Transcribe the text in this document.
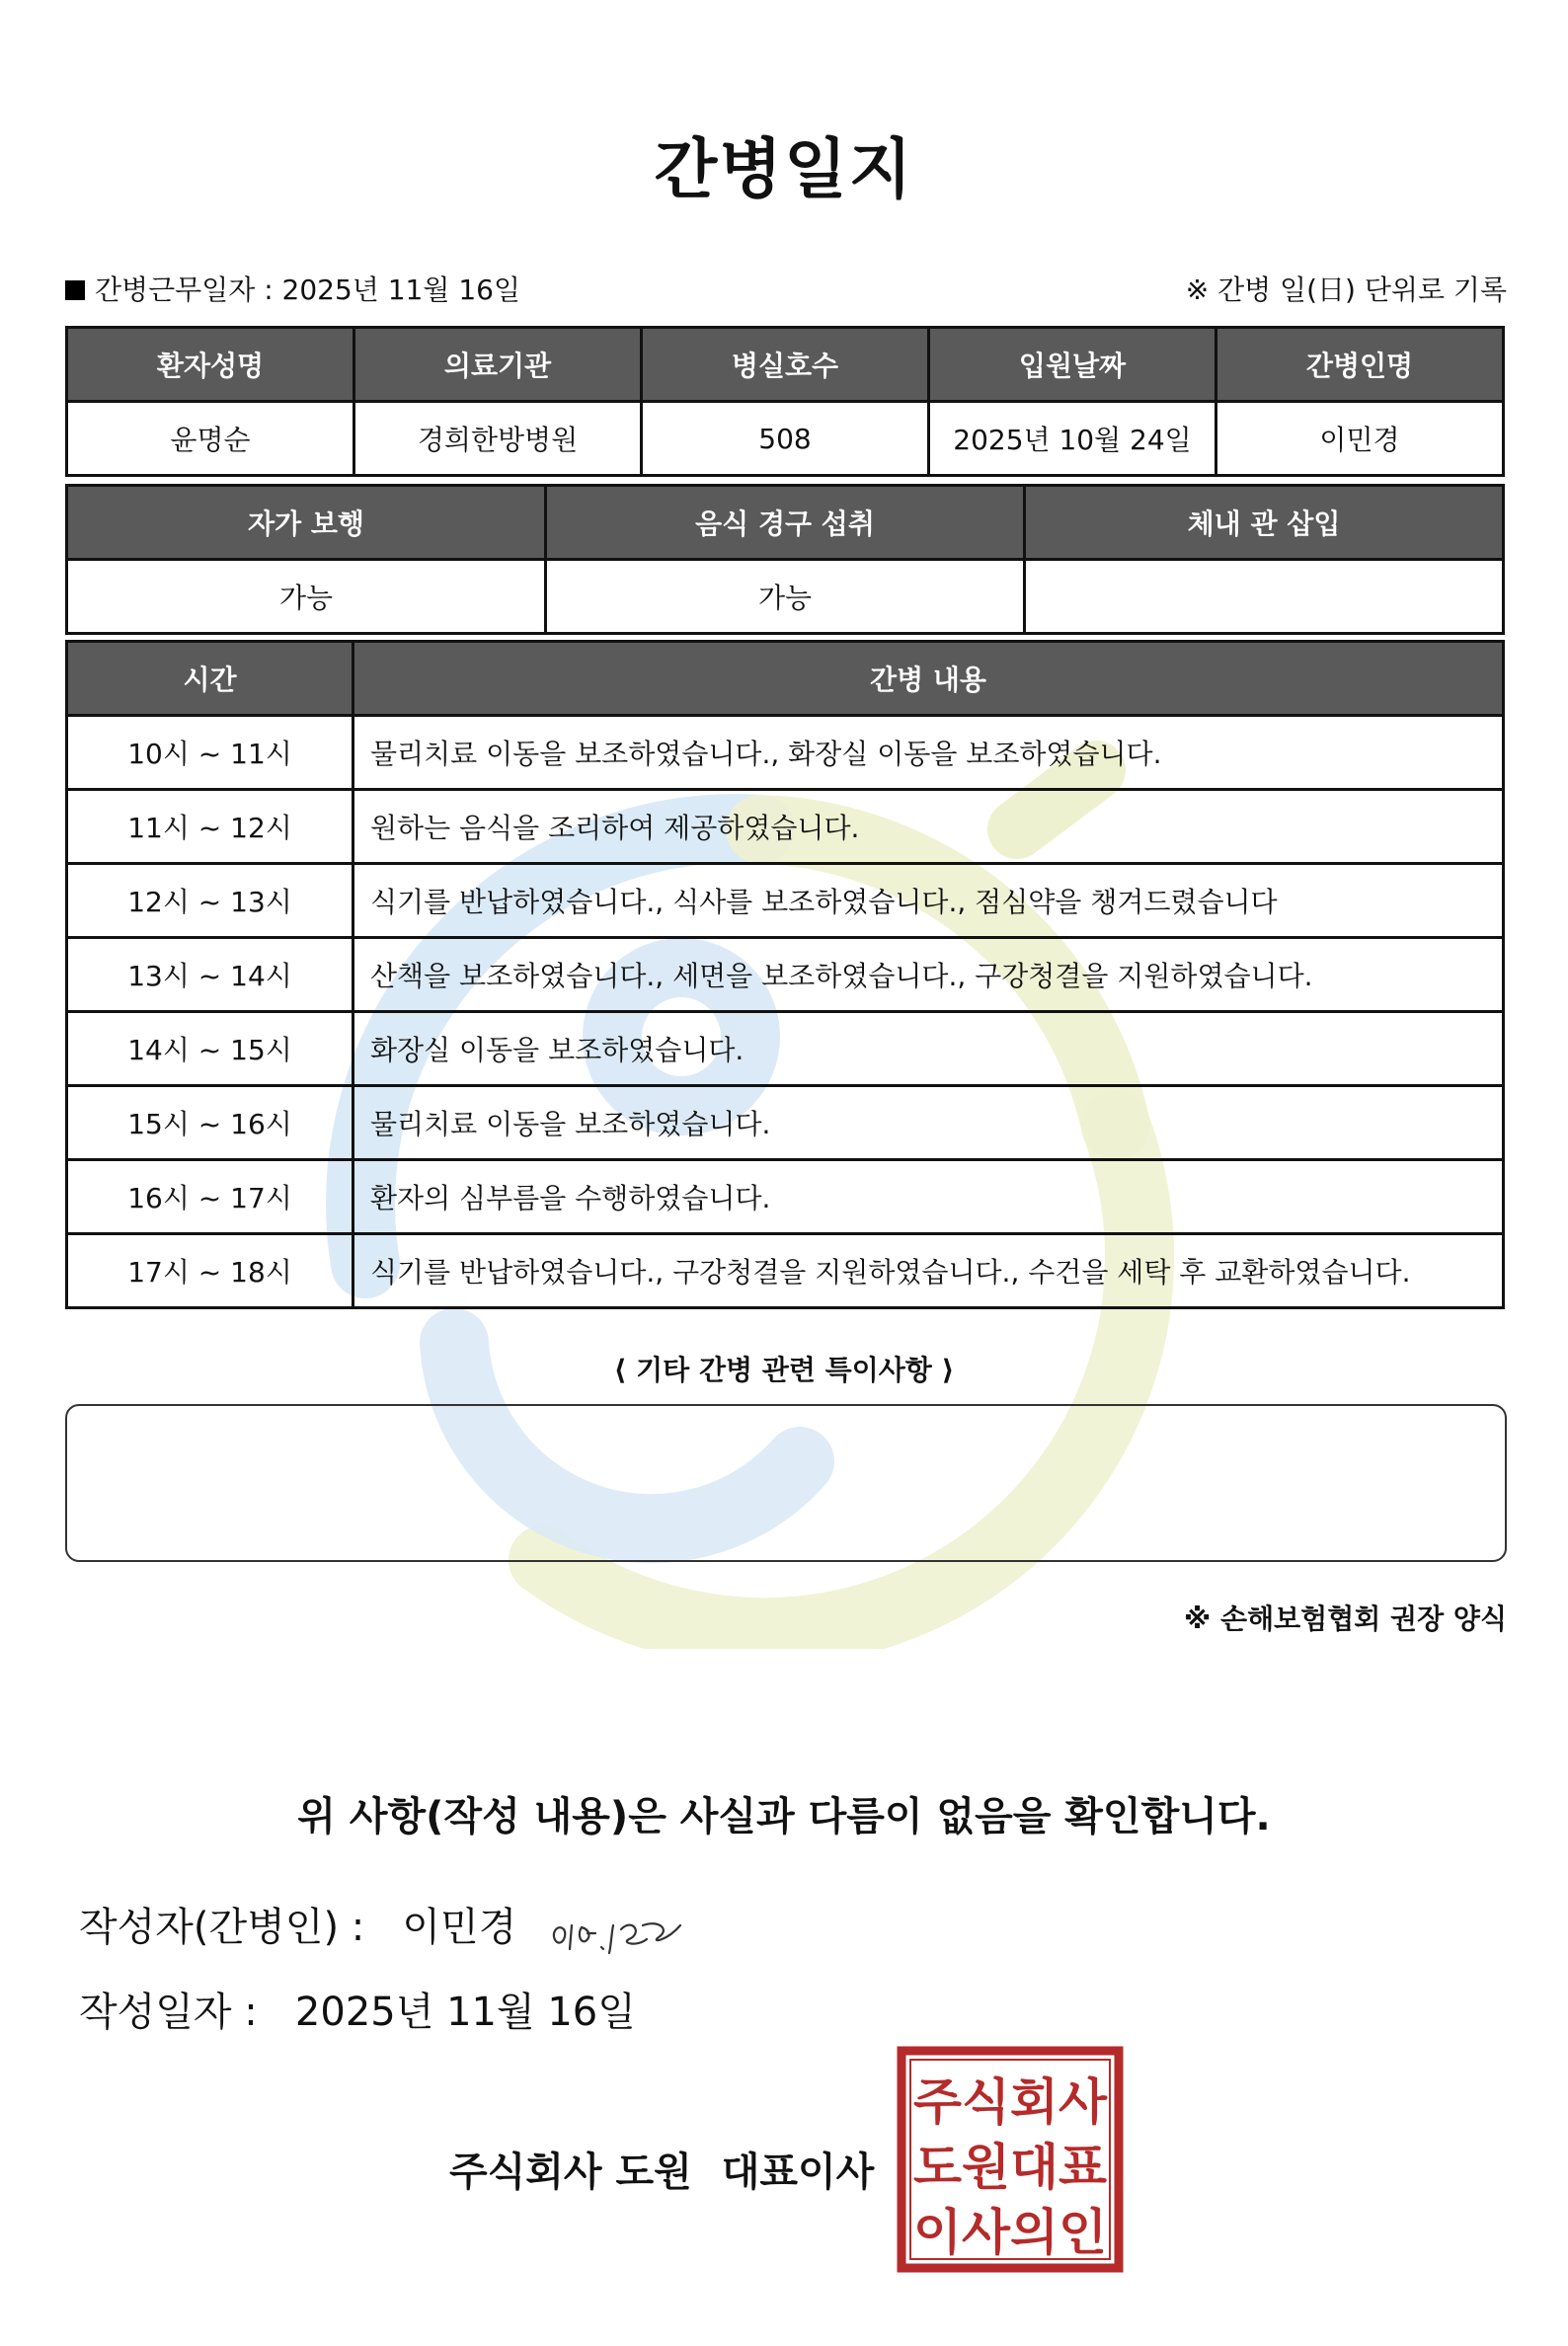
간병일지
간병근무일자 : 2025년 11월 16일	※ 간병 일(日) 단위로 기록
환자성명	의료기관	병실호수	입원날짜	간병인명
윤명순	경희한방병원	508	2025년 10월 24일	이민경
자가 보행	음식 경구 섭취	체내 관 삽입
가능	가능	
시간	간병 내용
10시 ~ 11시	물리치료 이동을 보조하였습니다., 화장실 이동을 보조하였습니다.
11시 ~ 12시	원하는 음식을 조리하여 제공하였습니다.
12시 ~ 13시	식기를 반납하였습니다., 식사를 보조하였습니다., 점심약을 챙겨드렸습니다
13시 ~ 14시	산책을 보조하였습니다., 세면을 보조하였습니다., 구강청결을 지원하였습니다.
14시 ~ 15시	화장실 이동을 보조하였습니다.
15시 ~ 16시	물리치료 이동을 보조하였습니다.
16시 ~ 17시	환자의 심부름을 수행하였습니다.
17시 ~ 18시	식기를 반납하였습니다., 구강청결을 지원하였습니다., 수건을 세탁 후 교환하였습니다.
⟨ 기타 간병 관련 특이사항 ⟩
※ 손해보험협회 권장 양식
위 사항(작성 내용)은 사실과 다름이 없음을 확인합니다.
작성자(간병인) : 이민경
작성일자 : 2025년 11월 16일
주식회사 도원 대표이사
주식회사
도원대표
이사의인
